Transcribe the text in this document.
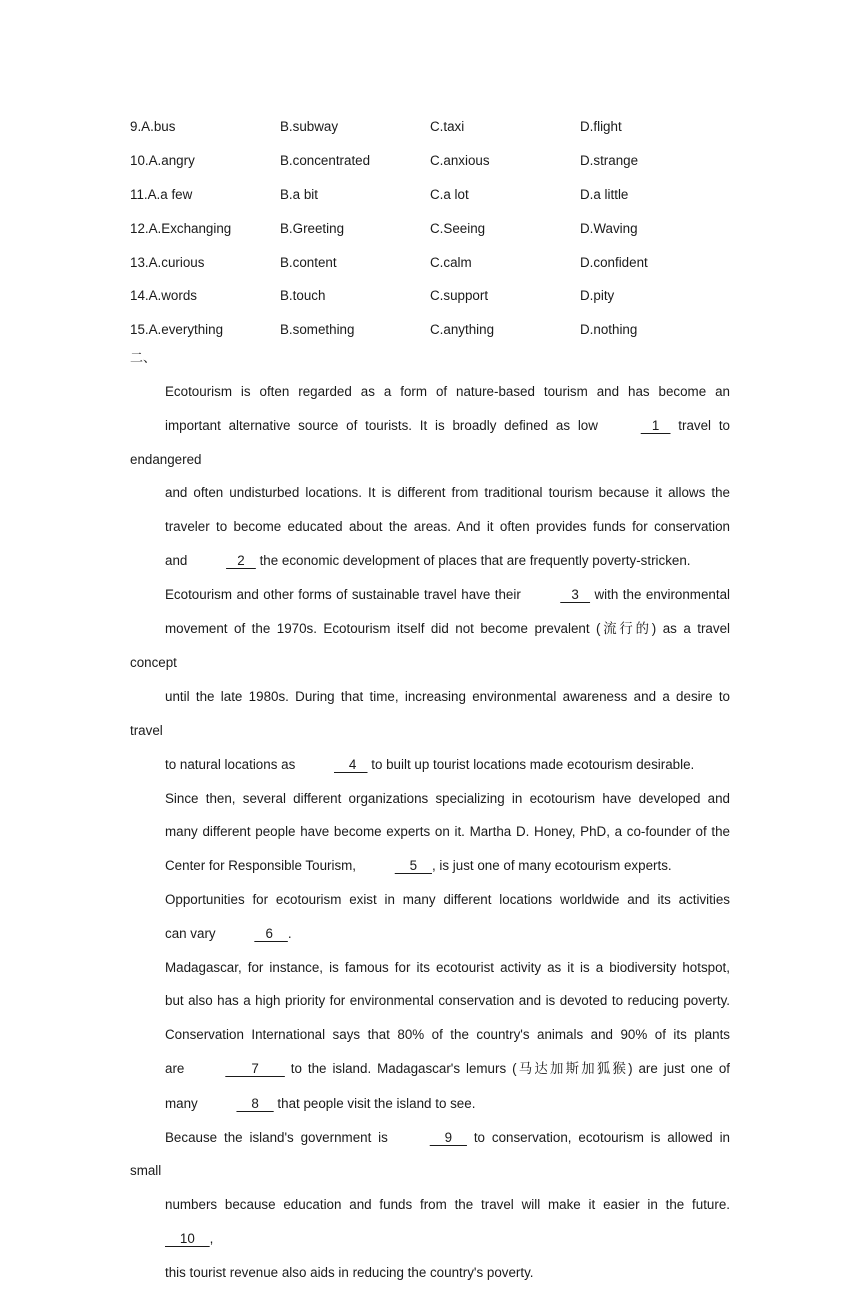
9.A.bus	B.subway	C.taxi	D.flight
10.A.angry	B.concentrated	C.anxious	D.strange
11.A.a few	B.a bit	C.a lot	D.a little
12.A.Exchanging	B.Greeting	C.Seeing	D.Waving
13.A.curious	B.content	C.calm	D.confident
14.A.words	B.touch	C.support	D.pity
15.A.everything	B.something	C.anything	D.nothing
二、
Ecotourism is often regarded as a form of nature-based tourism and has become an
important alternative source of tourists. It is broadly defined as low	1    travel to endangered
and often undisturbed locations. It is different from traditional tourism because it allows the
traveler to become educated about the areas. And it often provides funds for conservation
and	2    the economic development of places that are frequently poverty-stricken.
Ecotourism and other forms of sustainable travel have their	3    with the environmental
movement of the 1970s. Ecotourism itself did not become prevalent (流行的) as a travel concept
until the late 1980s. During that time, increasing environmental awareness and a desire to travel
to natural locations as	4    to built up tourist locations made ecotourism desirable.
Since then, several different organizations specializing in ecotourism have developed and
many different people have become experts on it. Martha D. Honey, PhD, a co-founder of the
Center for Responsible Tourism,	5    , is just one of many ecotourism experts.
Opportunities for ecotourism exist in many different locations worldwide and its activities
can vary	6    .
Madagascar, for instance, is famous for its ecotourist activity as it is a biodiversity hotspot,
but also has a high priority for environmental conservation and is devoted to reducing poverty.
Conservation International says that 80% of the country's animals and 90% of its plants
are	7        to the island. Madagascar's lemurs (马达加斯加狐猴) are just one of
many	8     that people visit the island to see.
Because the island's government is	9     to conservation, ecotourism is allowed in small
numbers because education and funds from the travel will make it easier in the future.     10    ,
this tourist revenue also aids in reducing the country's poverty.
